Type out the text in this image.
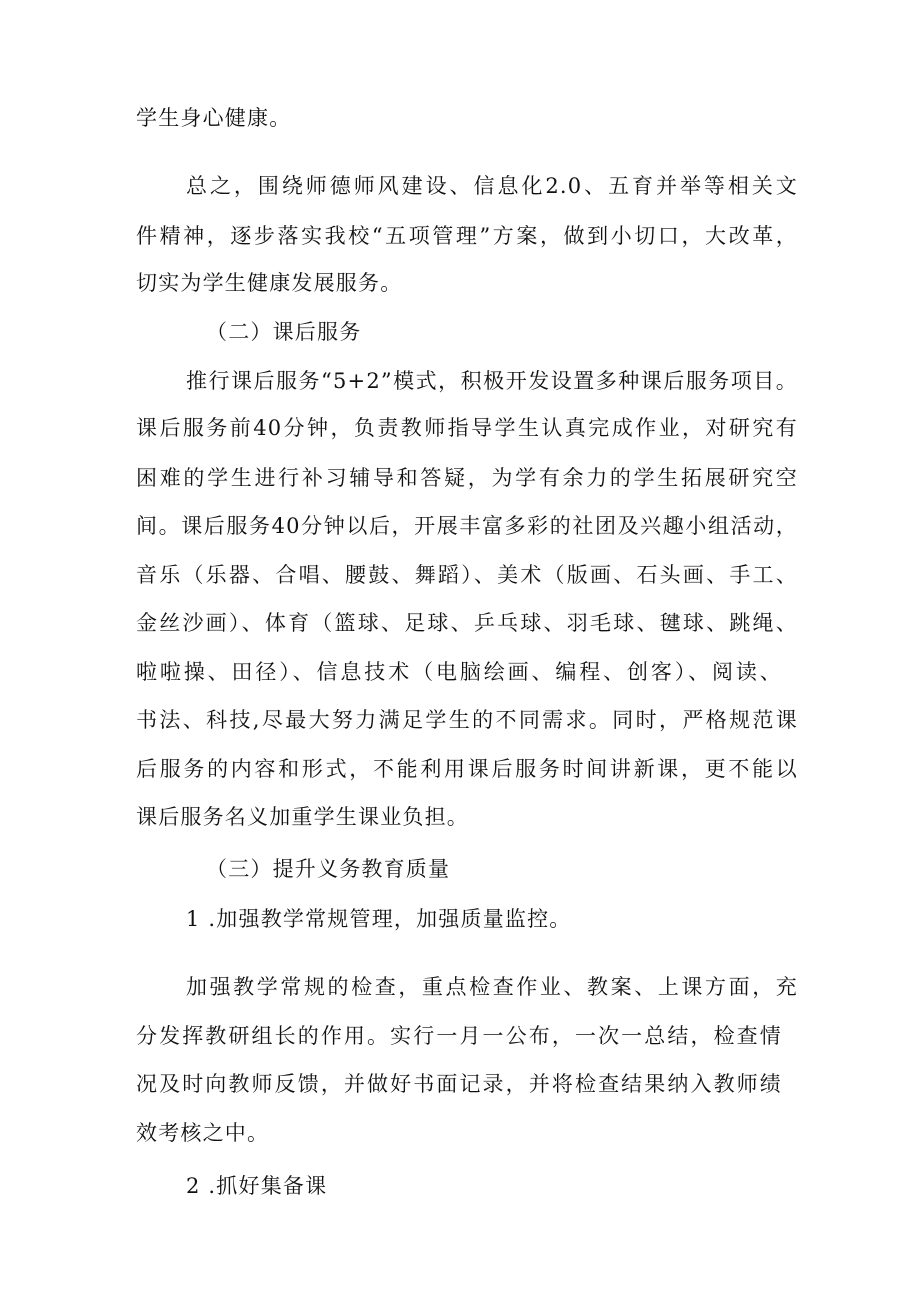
学生身心健康。
总之，围绕师德师风建设、信息化2.0、五育并举等相关文
件精神，逐步落实我校“五项管理”方案，做到小切口，大改革，
切实为学生健康发展服务。
（二）课后服务
推行课后服务“5+2”模式，积极开发设置多种课后服务项目。
课后服务前40分钟，负责教师指导学生认真完成作业，对研究有
困难的学生进行补习辅导和答疑，为学有余力的学生拓展研究空
间。课后服务40分钟以后，开展丰富多彩的社团及兴趣小组活动，
音乐（乐器、合唱、腰鼓、舞蹈）、美术（版画、石头画、手工、
金丝沙画）、体育（篮球、足球、乒乓球、羽毛球、毽球、跳绳、
啦啦操、田径）、信息技术（电脑绘画、编程、创客）、阅读、
书法、科技,尽最大努力满足学生的不同需求。同时，严格规范课
后服务的内容和形式，不能利用课后服务时间讲新课，更不能以
课后服务名义加重学生课业负担。
（三）提升义务教育质量
1 .加强教学常规管理，加强质量监控。
加强教学常规的检查，重点检查作业、教案、上课方面，充
分发挥教研组长的作用。实行一月一公布，一次一总结，检查情
况及时向教师反馈，并做好书面记录，并将检查结果纳入教师绩
效考核之中。
2 .抓好集备课
